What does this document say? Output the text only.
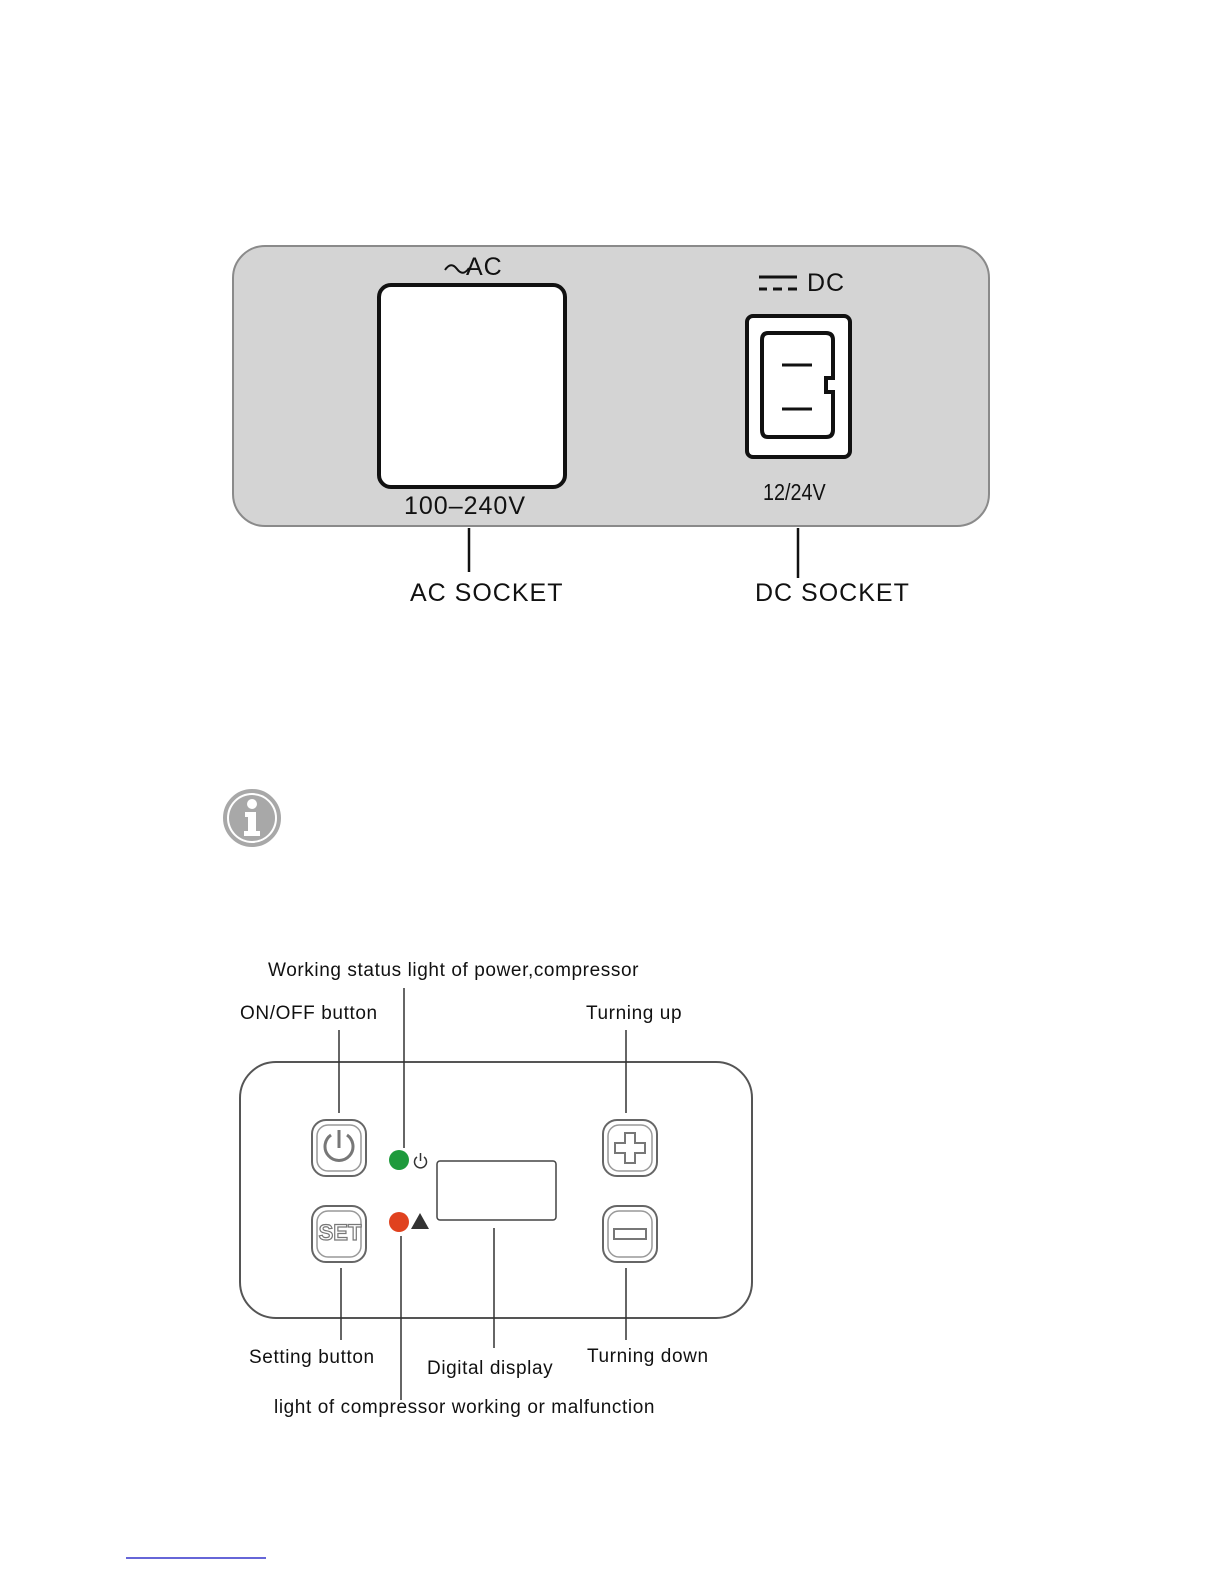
AC
DC
100–240V	12/24V
AC SOCKET	DC SOCKET
SET
Working status light of power,compressor
ON/OFF button	Turning up
Setting button
Digital display
Turning down
light of compressor working or malfunction
